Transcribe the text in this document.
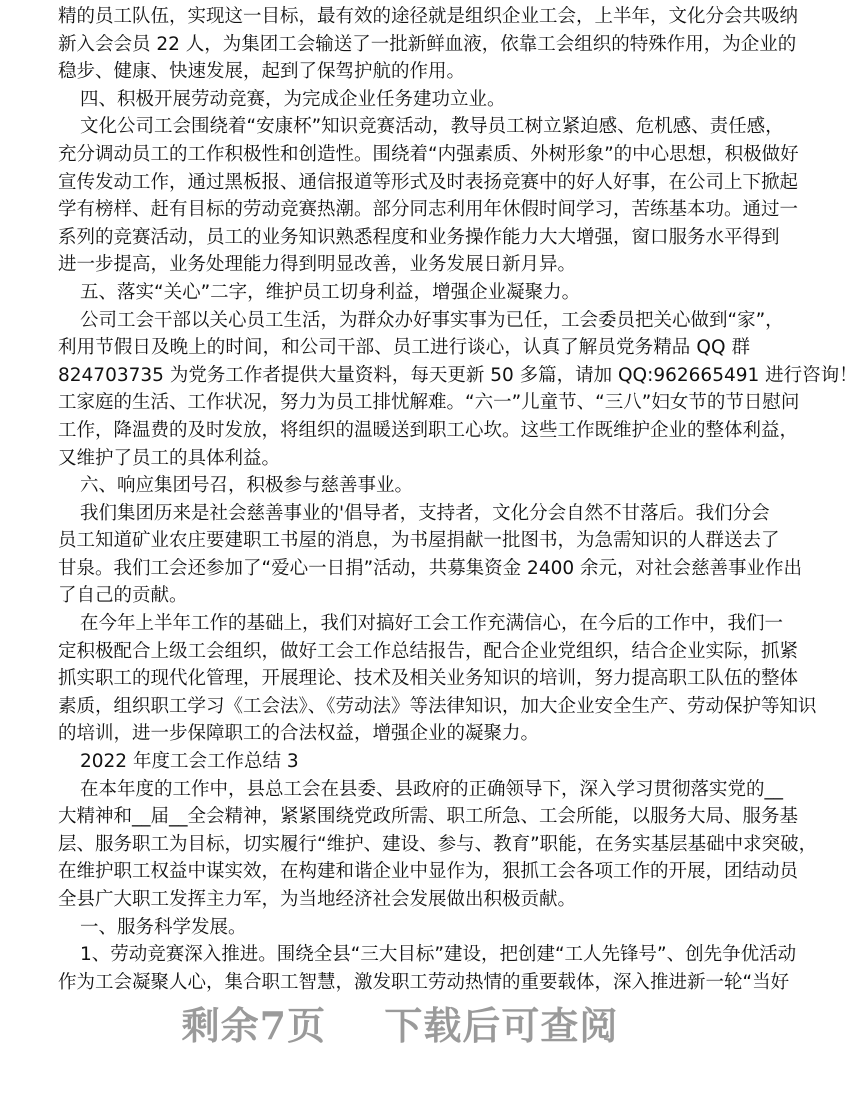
精的员工队伍，实现这一目标，最有效的途径就是组织企业工会，上半年，文化分会共吸纳
新入会会员 22 人，为集团工会输送了一批新鲜血液，依靠工会组织的特殊作用，为企业的
稳步、健康、快速发展，起到了保驾护航的作用。
四、积极开展劳动竞赛，为完成企业任务建功立业。
文化公司工会围绕着“安康杯”知识竞赛活动，教导员工树立紧迫感、危机感、责任感，
充分调动员工的工作积极性和创造性。围绕着“内强素质、外树形象”的中心思想，积极做好
宣传发动工作，通过黑板报、通信报道等形式及时表扬竞赛中的好人好事，在公司上下掀起
学有榜样、赶有目标的劳动竞赛热潮。部分同志利用年休假时间学习，苦练基本功。通过一
系列的竞赛活动，员工的业务知识熟悉程度和业务操作能力大大增强，窗口服务水平得到
进一步提高，业务处理能力得到明显改善，业务发展日新月异。
五、落实“关心”二字，维护员工切身利益，增强企业凝聚力。
公司工会干部以关心员工生活，为群众办好事实事为已任，工会委员把关心做到“家”，
利用节假日及晚上的时间，和公司干部、员工进行谈心，认真了解员党务精品 QQ 群
824703735 为党务工作者提供大量资料，每天更新 50 多篇，请加 QQ:962665491 进行咨询！
工家庭的生活、工作状况，努力为员工排忧解难。“六一”儿童节、“三八”妇女节的节日慰问
工作，降温费的及时发放，将组织的温暖送到职工心坎。这些工作既维护企业的整体利益，
又维护了员工的具体利益。
六、响应集团号召，积极参与慈善事业。
我们集团历来是社会慈善事业的'倡导者，支持者，文化分会自然不甘落后。我们分会
员工知道矿业农庄要建职工书屋的消息，为书屋捐献一批图书，为急需知识的人群送去了
甘泉。我们工会还参加了“爱心一日捐”活动，共募集资金 2400 余元，对社会慈善事业作出
了自己的贡献。
在今年上半年工作的基础上，我们对搞好工会工作充满信心，在今后的工作中，我们一
定积极配合上级工会组织，做好工会工作总结报告，配合企业党组织，结合企业实际，抓紧
抓实职工的现代化管理，开展理论、技术及相关业务知识的培训，努力提高职工队伍的整体
素质，组织职工学习《工会法》、《劳动法》等法律知识，加大企业安全生产、劳动保护等知识
的培训，进一步保障职工的合法权益，增强企业的凝聚力。
2022 年度工会工作总结 3
在本年度的工作中，县总工会在县委、县政府的正确领导下，深入学习贯彻落实党的__
大精神和__届__全会精神，紧紧围绕党政所需、职工所急、工会所能，以服务大局、服务基
层、服务职工为目标，切实履行“维护、建设、参与、教育”职能，在务实基层基础中求突破，
在维护职工权益中谋实效，在构建和谐企业中显作为，狠抓工会各项工作的开展，团结动员
全县广大职工发挥主力军，为当地经济社会发展做出积极贡献。
一、服务科学发展。
1、劳动竞赛深入推进。围绕全县“三大目标”建设，把创建“工人先锋号”、创先争优活动
作为工会凝聚人心，集合职工智慧，激发职工劳动热情的重要载体，深入推进新一轮“当好
剩余7页 下载后可查阅
